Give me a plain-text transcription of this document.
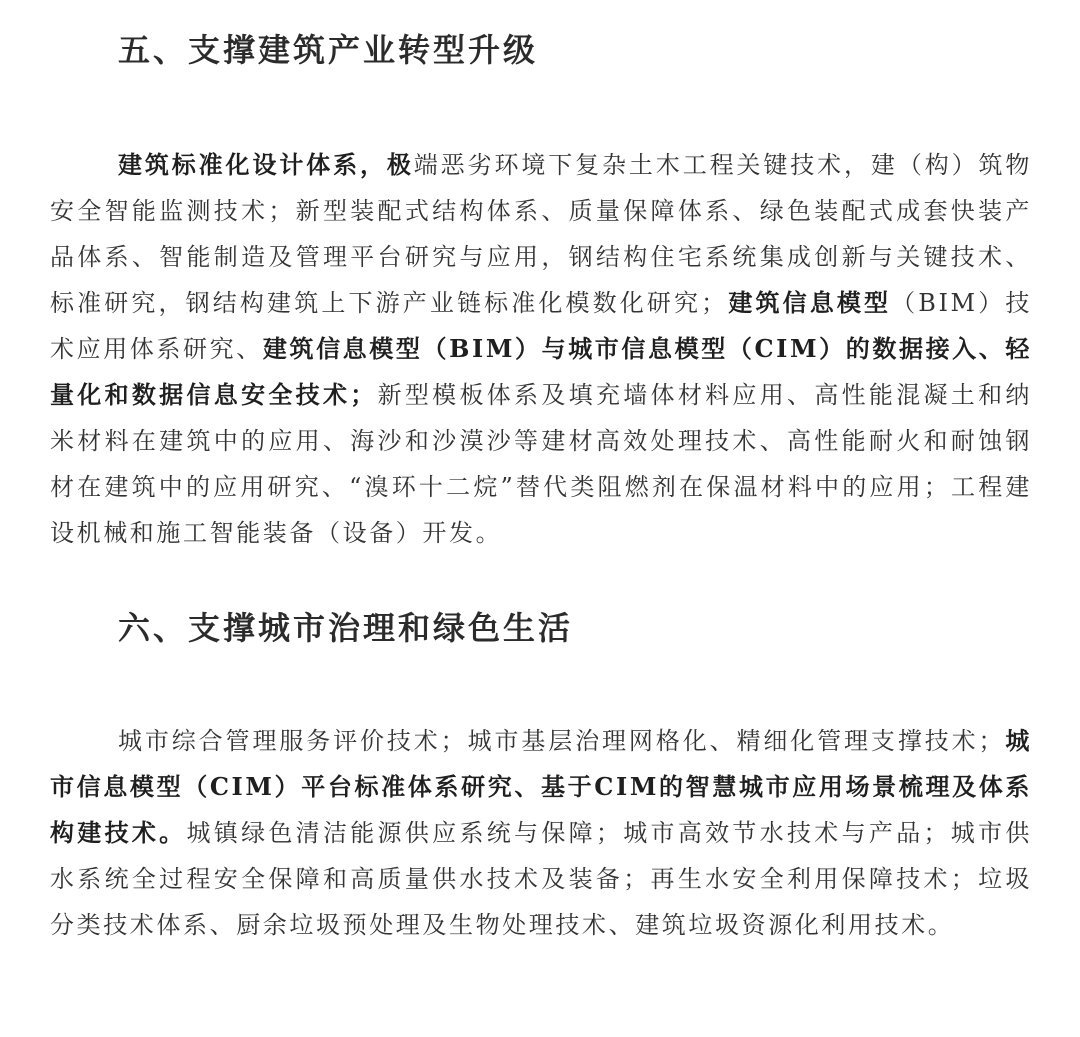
五、支撑建筑产业转型升级

建筑标准化设计体系，极端恶劣环境下复杂土木工程关键技术，建（构）筑物安全智能监测技术；新型装配式结构体系、质量保障体系、绿色装配式成套快装产品体系、智能制造及管理平台研究与应用，钢结构住宅系统集成创新与关键技术、标准研究，钢结构建筑上下游产业链标准化模数化研究；建筑信息模型（BIM）技术应用体系研究、建筑信息模型（BIM）与城市信息模型（CIM）的数据接入、轻量化和数据信息安全技术；新型模板体系及填充墙体材料应用、高性能混凝土和纳米材料在建筑中的应用、海沙和沙漠沙等建材高效处理技术、高性能耐火和耐蚀钢材在建筑中的应用研究、“溴环十二烷”替代类阻燃剂在保温材料中的应用；工程建设机械和施工智能装备（设备）开发。

六、支撑城市治理和绿色生活

城市综合管理服务评价技术；城市基层治理网格化、精细化管理支撑技术；城市信息模型（CIM）平台标准体系研究、基于CIM的智慧城市应用场景梳理及体系构建技术。城镇绿色清洁能源供应系统与保障；城市高效节水技术与产品；城市供水系统全过程安全保障和高质量供水技术及装备；再生水安全利用保障技术；垃圾分类技术体系、厨余垃圾预处理及生物处理技术、建筑垃圾资源化利用技术。
